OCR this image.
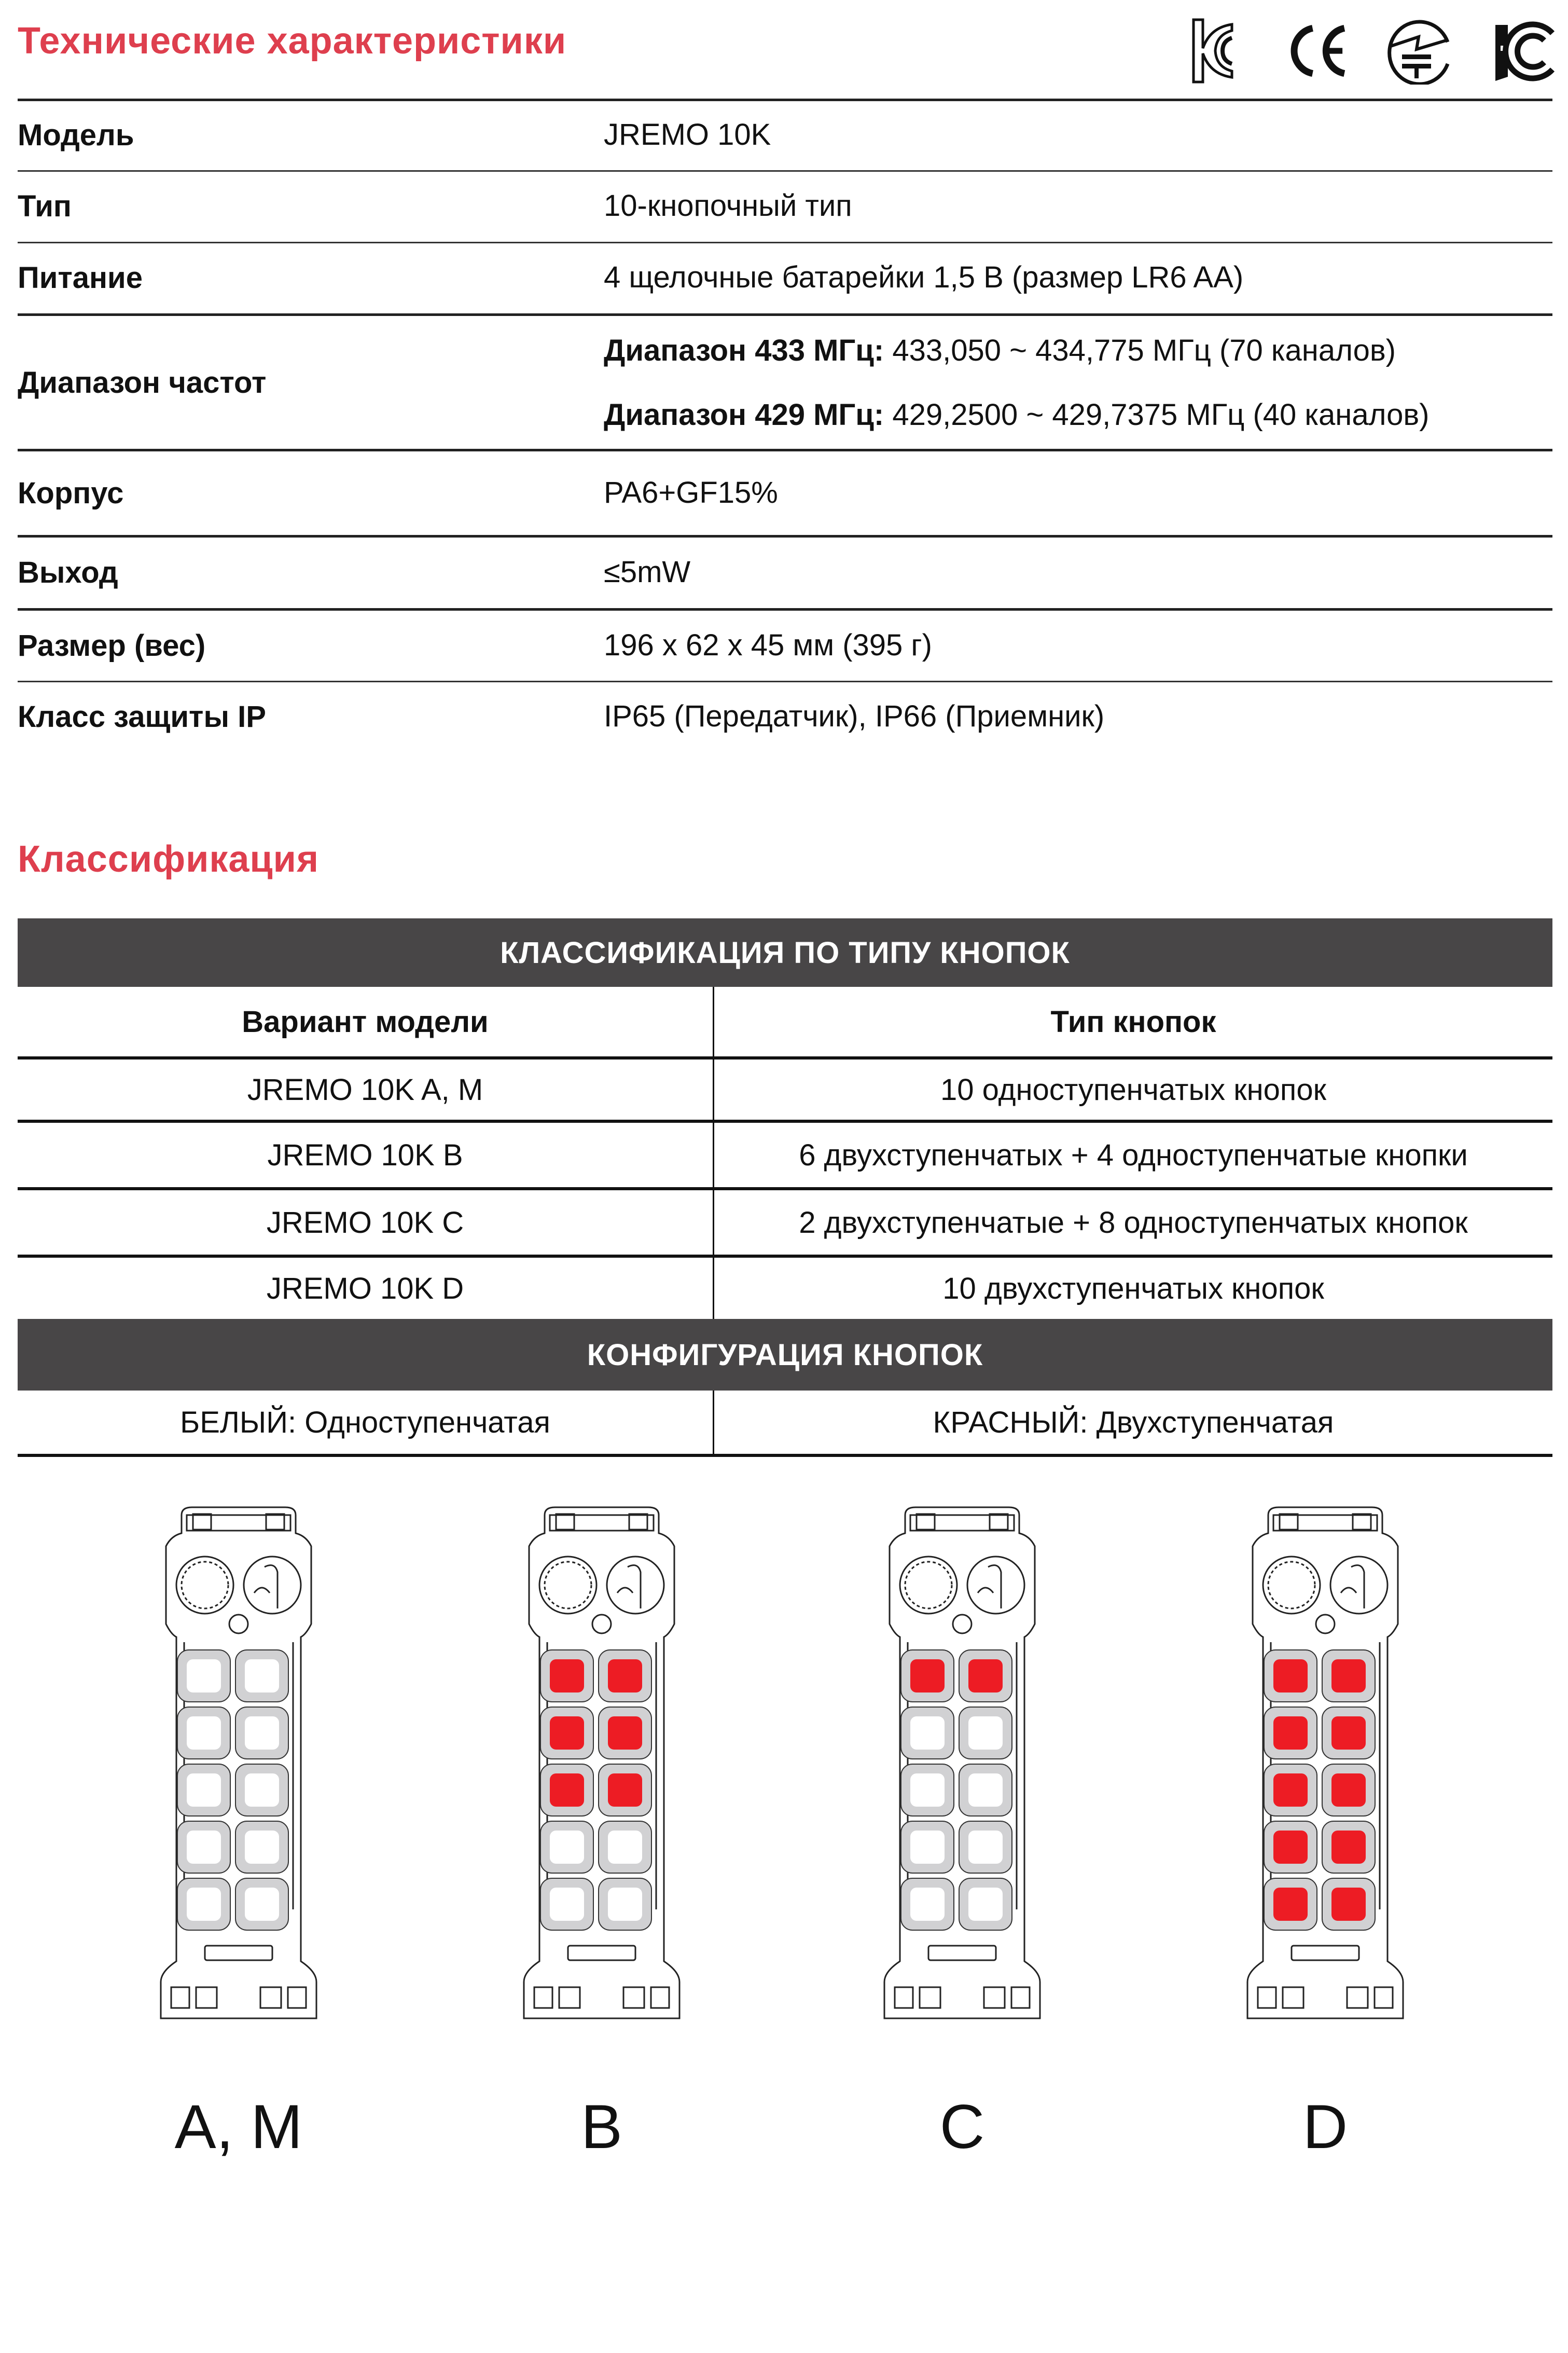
Технические характеристики
Модель	JREMO 10K
Тип	10-кнопочный тип
Питание	4 щелочные батарейки 1,5 В (размер LR6 AA)
Диапазон частот
Диапазон 433 МГц: 433,050 ~ 434,775 МГц (70 каналов)
Диапазон 429 МГц: 429,2500 ~ 429,7375 МГц (40 каналов)
Корпус	PA6+GF15%
Выход	≤5mW
Размер (вес)	196 x 62 x 45 мм (395 г)
Класс защиты IP	IP65 (Передатчик), IP66 (Приемник)
Классификация
КЛАССИФИКАЦИЯ ПО ТИПУ КНОПОК
Вариант модели	Тип кнопок
JREMO 10K A, M	10 одноступенчатых кнопок
JREMO 10K B	6 двухступенчатых + 4 одноступенчатые кнопки
JREMO 10K C	2 двухступенчатые + 8 одноступенчатых кнопок
JREMO 10K D	10 двухступенчатых кнопок
КОНФИГУРАЦИЯ КНОПОК
БЕЛЫЙ: Одноступенчатая	КРАСНЫЙ: Двухступенчатая
A, M	B	C	D
